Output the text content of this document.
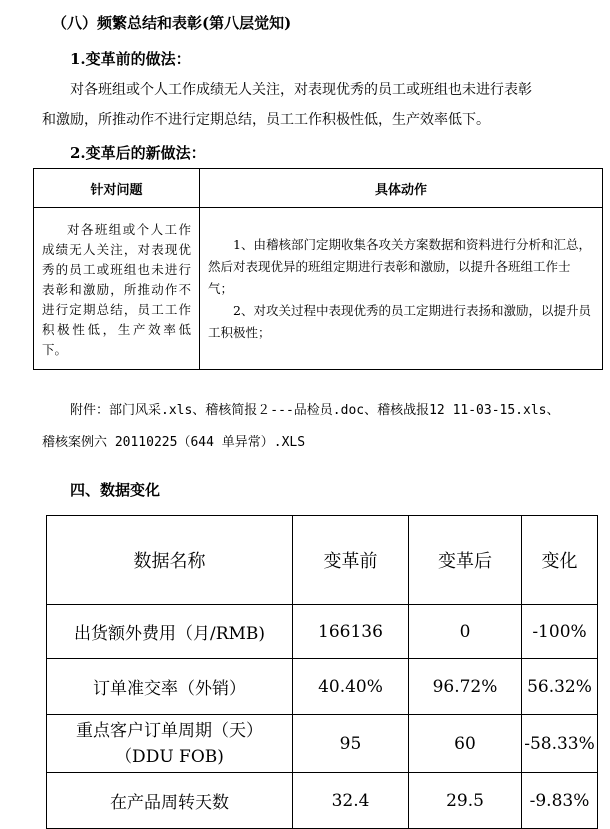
（八）频繁总结和表彰(第八层觉知)
1.变革前的做法：
对各班组或个人工作成绩无人关注，对表现优秀的员工或班组也未进行表彰
和激励，所推动作不进行定期总结，员工工作积极性低，生产效率低下。
2.变革后的新做法：
针对问题	具体动作
对各班组或个人工作成绩无人关注，对表现优秀的员工或班组也未进行表彰和激励，所推动作不进行定期总结，员工工作积极性低，生产效率低下。	1、由稽核部门定期收集各攻关方案数据和资料进行分析和汇总，然后对表现优异的班组定期进行表彰和激励，以提升各班组工作士气；

2、对攻关过程中表现优秀的员工定期进行表扬和激励，以提升员工积极性；

附件：部门风采.xls、稽核简报２---品检员.doc、稽核战报12 11-03-15.xls、
稽核案例六 20110225（644 单异常）.XLS
四、数据变化
数据名称	变革前	变革后	变化
出货额外费用（月/RMB)	166136	0	-100%
订单准交率（外销）	40.40%	96.72%	56.32%

重点客户订单周期（天）
（DDU FOB)	95	60	-58.33%
在产品周转天数	32.4	29.5	-9.83%
